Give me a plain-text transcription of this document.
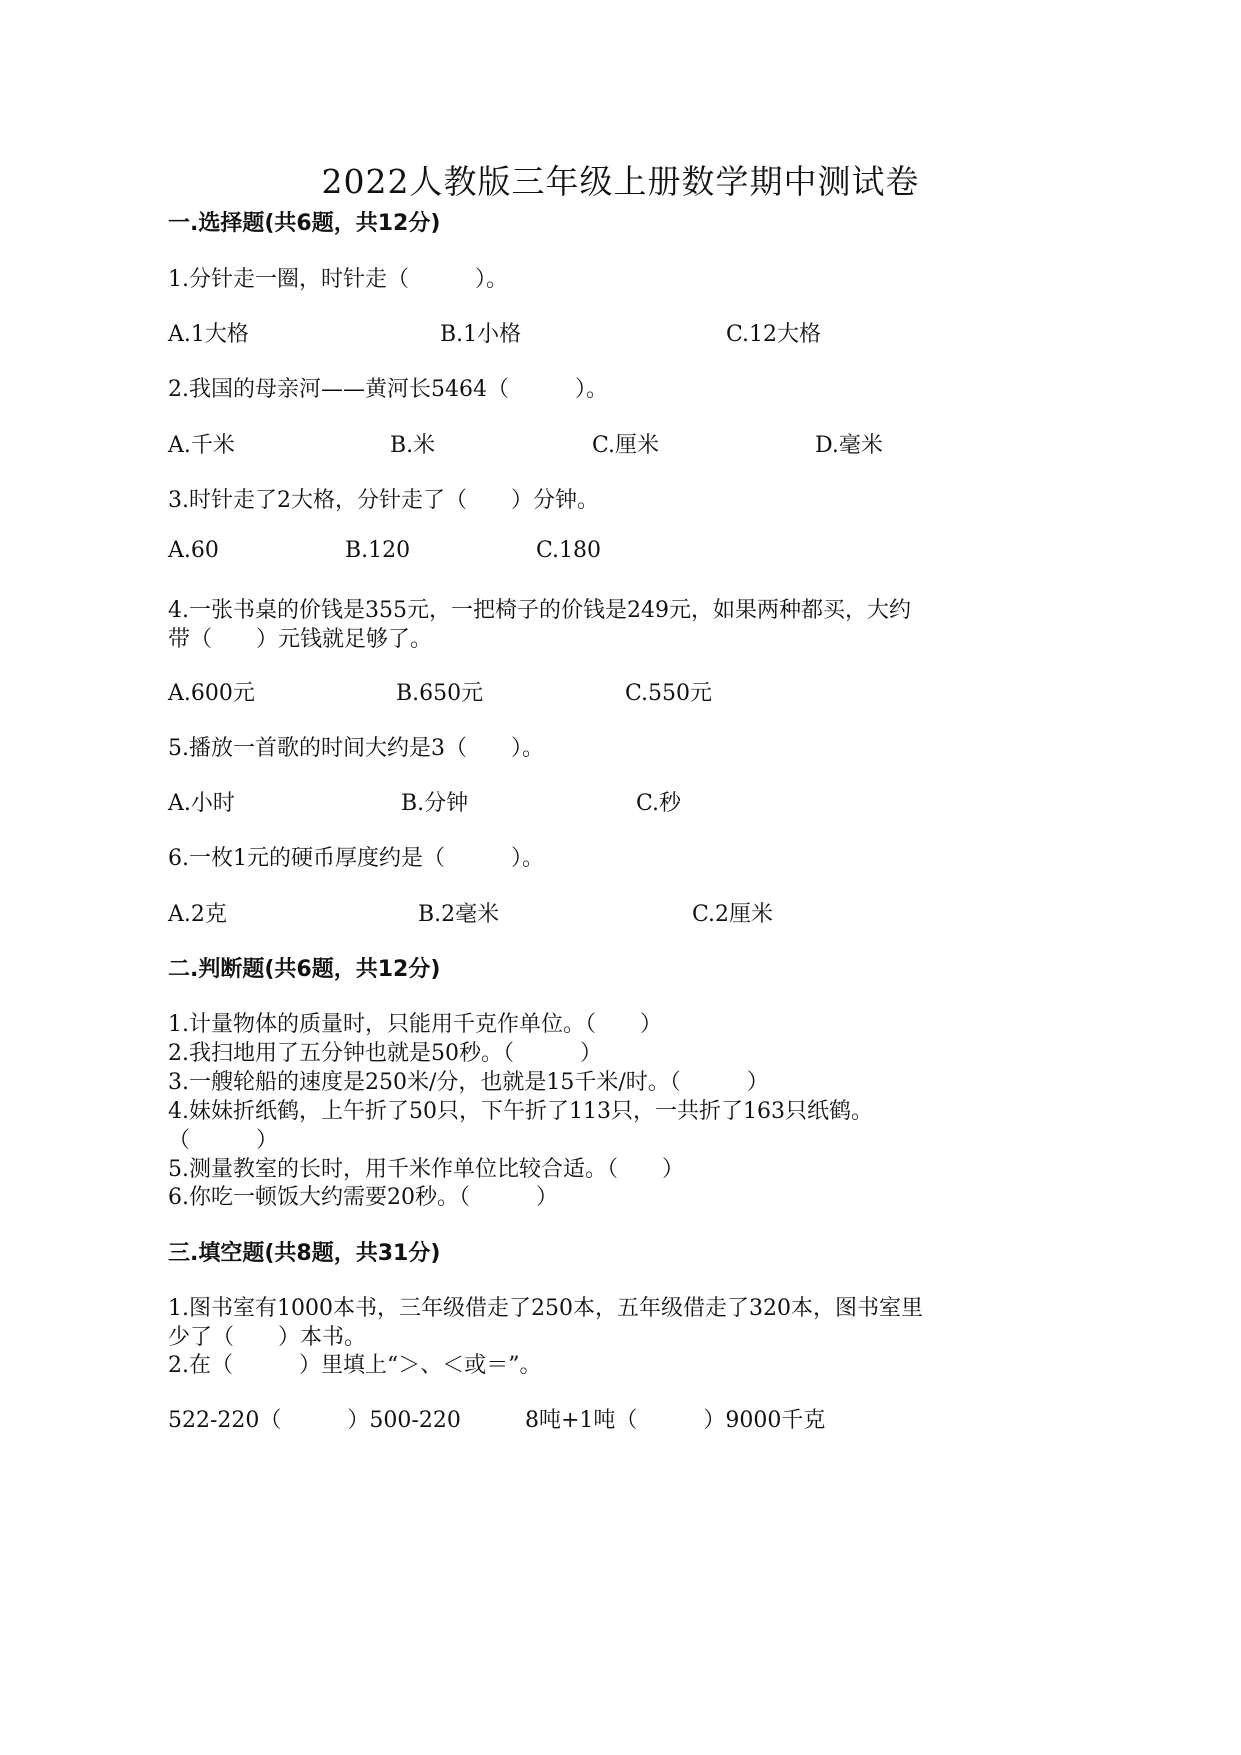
2022人教版三年级上册数学期中测试卷
一.选择题(共6题，共12分)
1.分针走一圈，时针走（　　　）。
A.1大格	B.1小格	C.12大格
2.我国的母亲河——黄河长5464（　　　）。
A.千米	B.米	C.厘米	D.毫米
3.时针走了2大格，分针走了（　　）分钟。
A.60	B.120	C.180
4.一张书桌的价钱是355元，一把椅子的价钱是249元，如果两种都买，大约
带（　　）元钱就足够了。
A.600元	B.650元	C.550元
5.播放一首歌的时间大约是3（　　）。
A.小时	B.分钟	C.秒
6.一枚1元的硬币厚度约是（　　　）。
A.2克	B.2毫米	C.2厘米
二.判断题(共6题，共12分)
1.计量物体的质量时，只能用千克作单位。（　　）
2.我扫地用了五分钟也就是50秒。（　　　）
3.一艘轮船的速度是250米/分，也就是15千米/时。（　　　）
4.妹妹折纸鹤，上午折了50只，下午折了113只，一共折了163只纸鹤。
（　　　）
5.测量教室的长时，用千米作单位比较合适。（　　）
6.你吃一顿饭大约需要20秒。（　　　）
三.填空题(共8题，共31分)
1.图书室有1000本书，三年级借走了250本，五年级借走了320本，图书室里
少了（　　）本书。
2.在（　　　）里填上“＞、＜或＝”。
522-220（　　　）500-220	8吨+1吨（　　　）9000千克
